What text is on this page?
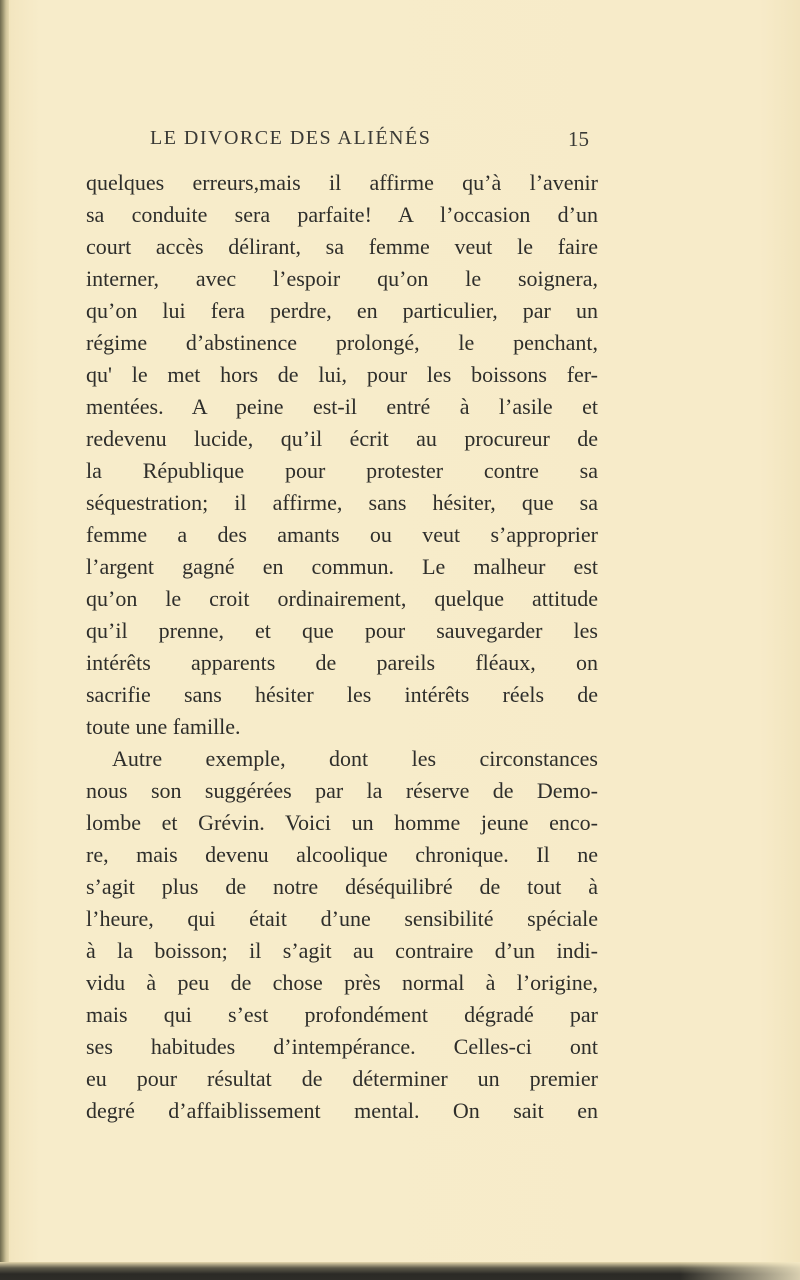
LE DIVORCE DES ALIÉNÉS	15
quelques erreurs,mais il affirme qu’à l’avenir
sa conduite sera parfaite! A l’occasion d’un
court accès délirant, sa femme veut le faire
interner, avec l’espoir qu’on le soignera,
qu’on lui fera perdre, en particulier, par un
régime d’abstinence prolongé, le penchant,
qu' le met hors de lui, pour les boissons fer-
mentées. A peine est-il entré à l’asile et
redevenu lucide, qu’il écrit au procureur de
la République pour protester contre sa
séquestration; il affirme, sans hésiter, que sa
femme a des amants ou veut s’approprier
l’argent gagné en commun. Le malheur est
qu’on le croit ordinairement, quelque attitude
qu’il prenne, et que pour sauvegarder les
intérêts apparents de pareils fléaux, on
sacrifie sans hésiter les intérêts réels de
toute une famille.
Autre exemple, dont les circonstances
nous son suggérées par la réserve de Demo-
lombe et Grévin. Voici un homme jeune enco-
re, mais devenu alcoolique chronique. Il ne
s’agit plus de notre déséquilibré de tout à
l’heure, qui était d’une sensibilité spéciale
à la boisson; il s’agit au contraire d’un indi-
vidu à peu de chose près normal à l’origine,
mais qui s’est profondément dégradé par
ses habitudes d’intempérance. Celles-ci ont
eu pour résultat de déterminer un premier
degré d’affaiblissement mental. On sait en
